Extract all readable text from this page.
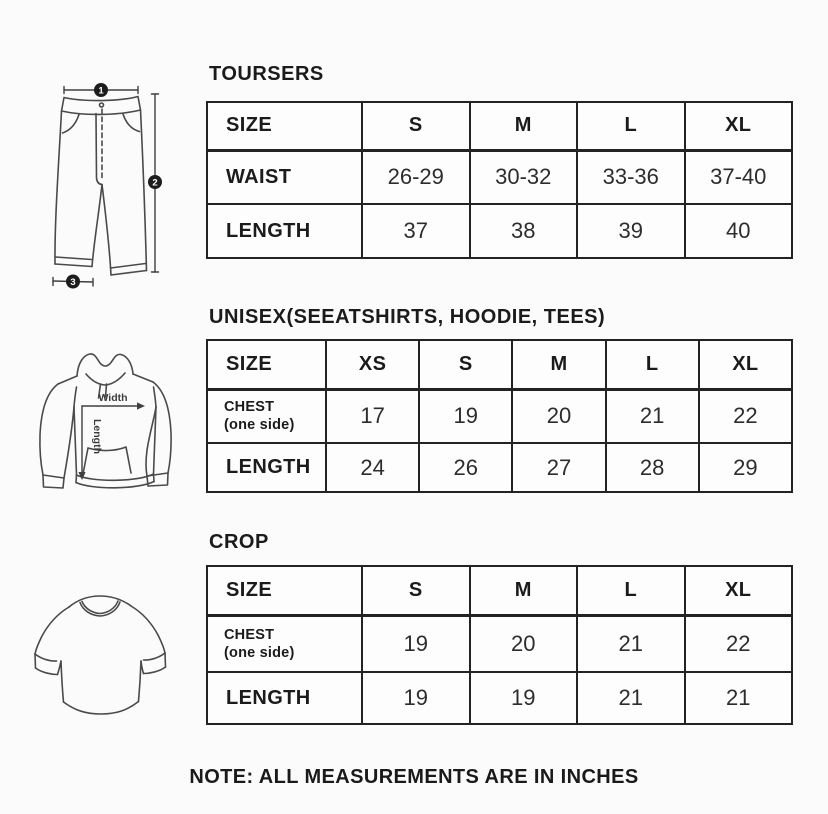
1
2
3
Width
Length
TOURSERS
UNISEX(SEEATSHIRTS, HOODIE, TEES)
CROP
SIZE	S	M	L	XL

WAIST	26-29	30-32	33-36	37-40

LENGTH	37	38	39	40
SIZE	XS	S	M	L	XL

CHEST
(one side)	17	19	20	21	22

LENGTH	24	26	27	28	29
SIZE	S	M	L	XL

CHEST
(one side)	19	20	21	22

LENGTH	19	19	21	21
NOTE: ALL MEASUREMENTS ARE IN INCHES
